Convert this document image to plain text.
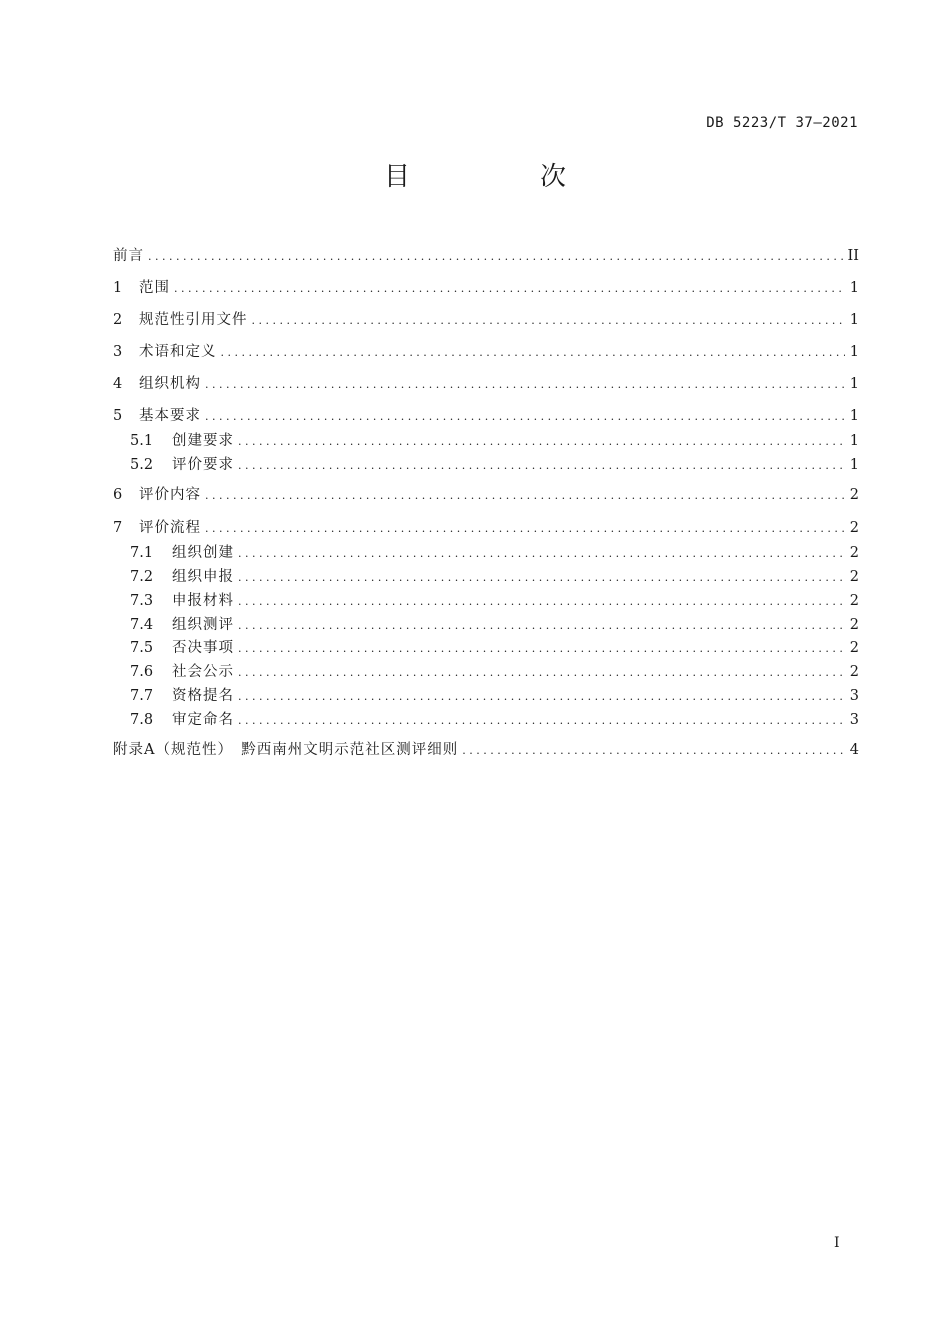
DB 5223/T 37—2021
目　次
前言 . . .	II
1	范围 . . .	1
2	规范性引用文件 . . .	1
3	术语和定义 . . .	1
4	组织机构 . . .	1
5	基本要求 . . .	1
5.1	创建要求 . . .	1
5.2	评价要求 . . .	1
6	评价内容 . . .	2
7	评价流程 . . .	2
7.1	组织创建 . . .	2
7.2	组织申报 . . .	2
7.3	申报材料 . . .	2
7.4	组织测评 . . .	2
7.5	否决事项 . . .	2
7.6	社会公示 . . .	2
7.7	资格提名 . . .	3
7.8	审定命名 . . .	3
附录A（规范性）　黔西南州文明示范社区测评细则 . . .	4
I
